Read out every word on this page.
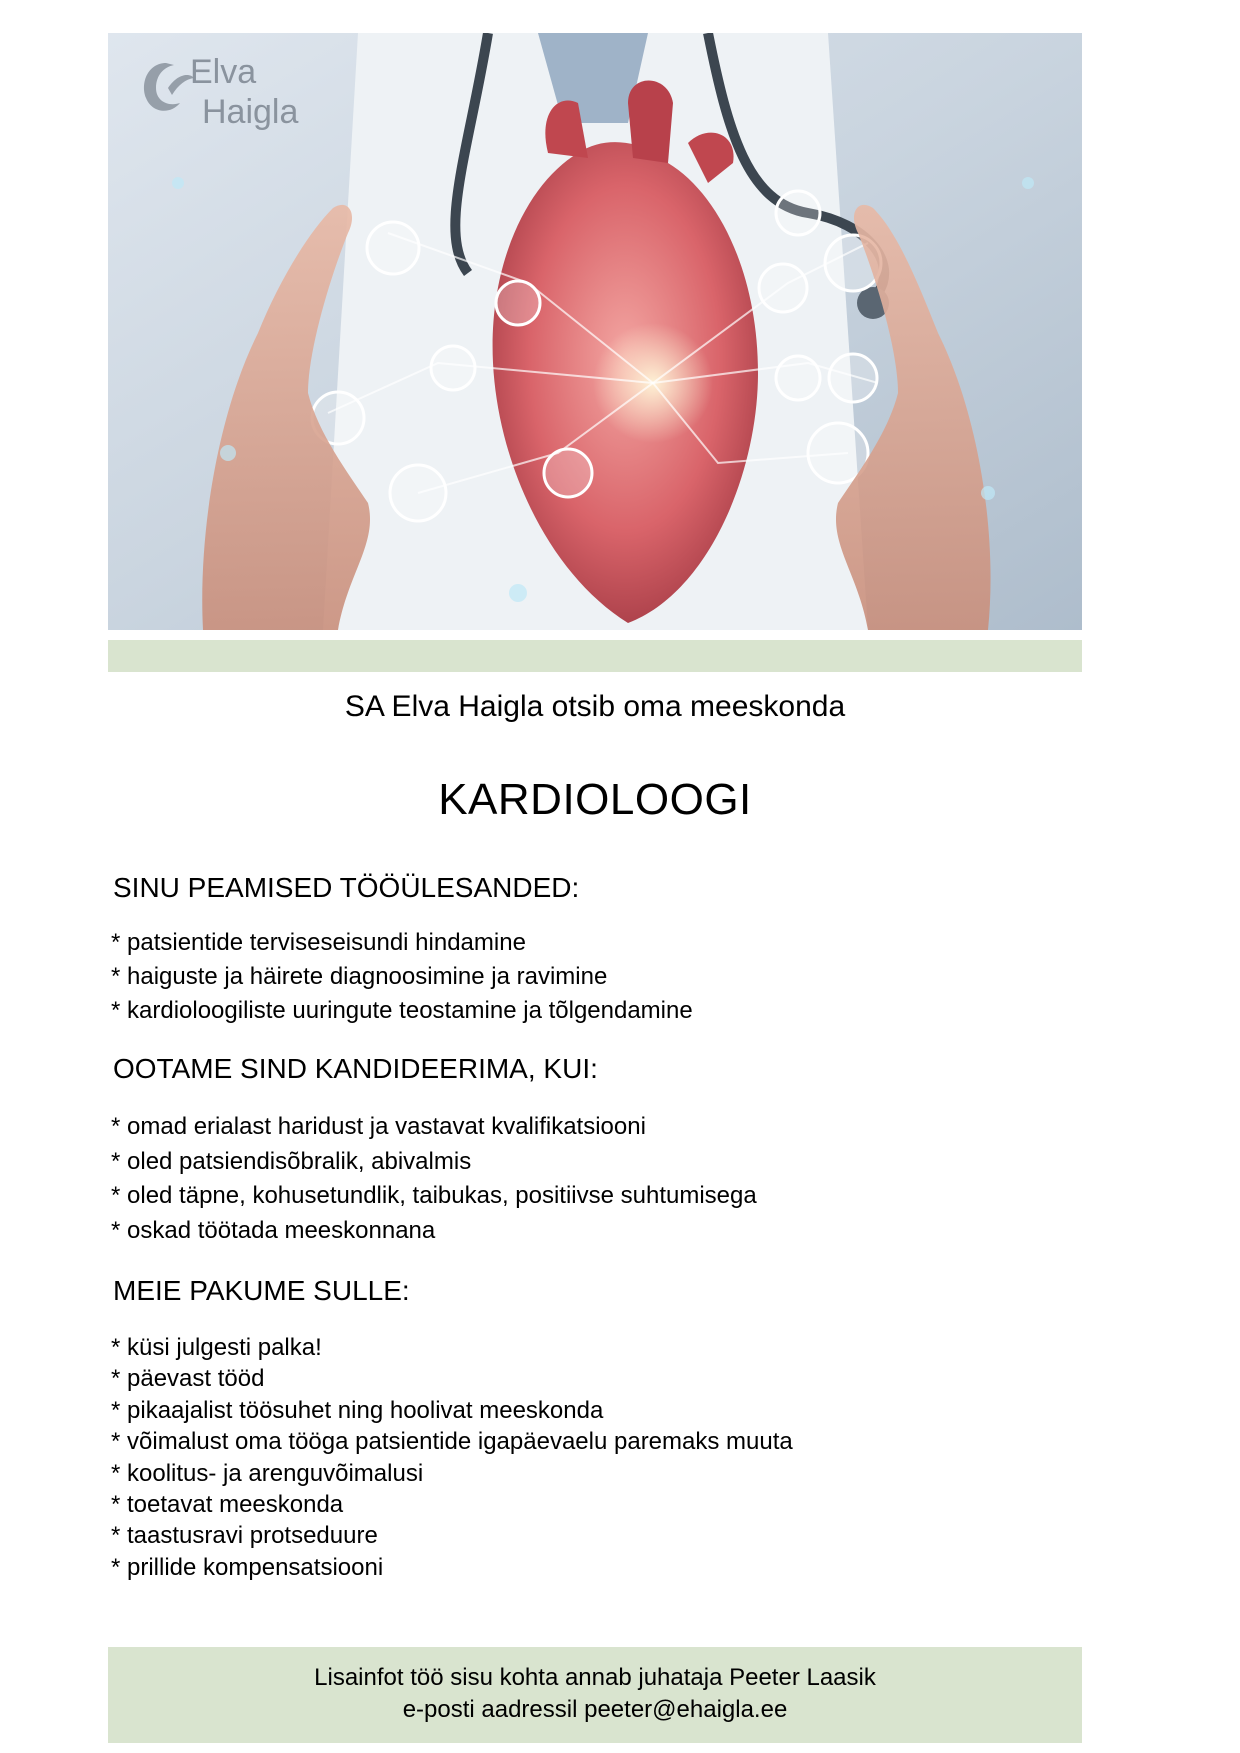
Elva
Haigla
SA Elva Haigla otsib oma meeskonda
KARDIOLOOGI
SINU PEAMISED TÖÖÜLESANDED:
* patsientide terviseseisundi hindamine
* haiguste ja häirete diagnoosimine ja ravimine
* kardioloogiliste uuringute teostamine ja tõlgendamine
OOTAME SIND KANDIDEERIMA, KUI:
* omad erialast haridust ja vastavat kvalifikatsiooni
* oled patsiendisõbralik, abivalmis
* oled täpne, kohusetundlik, taibukas, positiivse suhtumisega
* oskad töötada meeskonnana
MEIE PAKUME SULLE:
* küsi julgesti palka!
* päevast tööd
* pikaajalist töösuhet ning hoolivat meeskonda
* võimalust oma tööga patsientide igapäevaelu paremaks muuta
* koolitus- ja arenguvõimalusi
* toetavat meeskonda
* taastusravi protseduure
* prillide kompensatsiooni
Lisainfot töö sisu kohta annab juhataja Peeter Laasik
e-posti aadressil peeter@ehaigla.ee
